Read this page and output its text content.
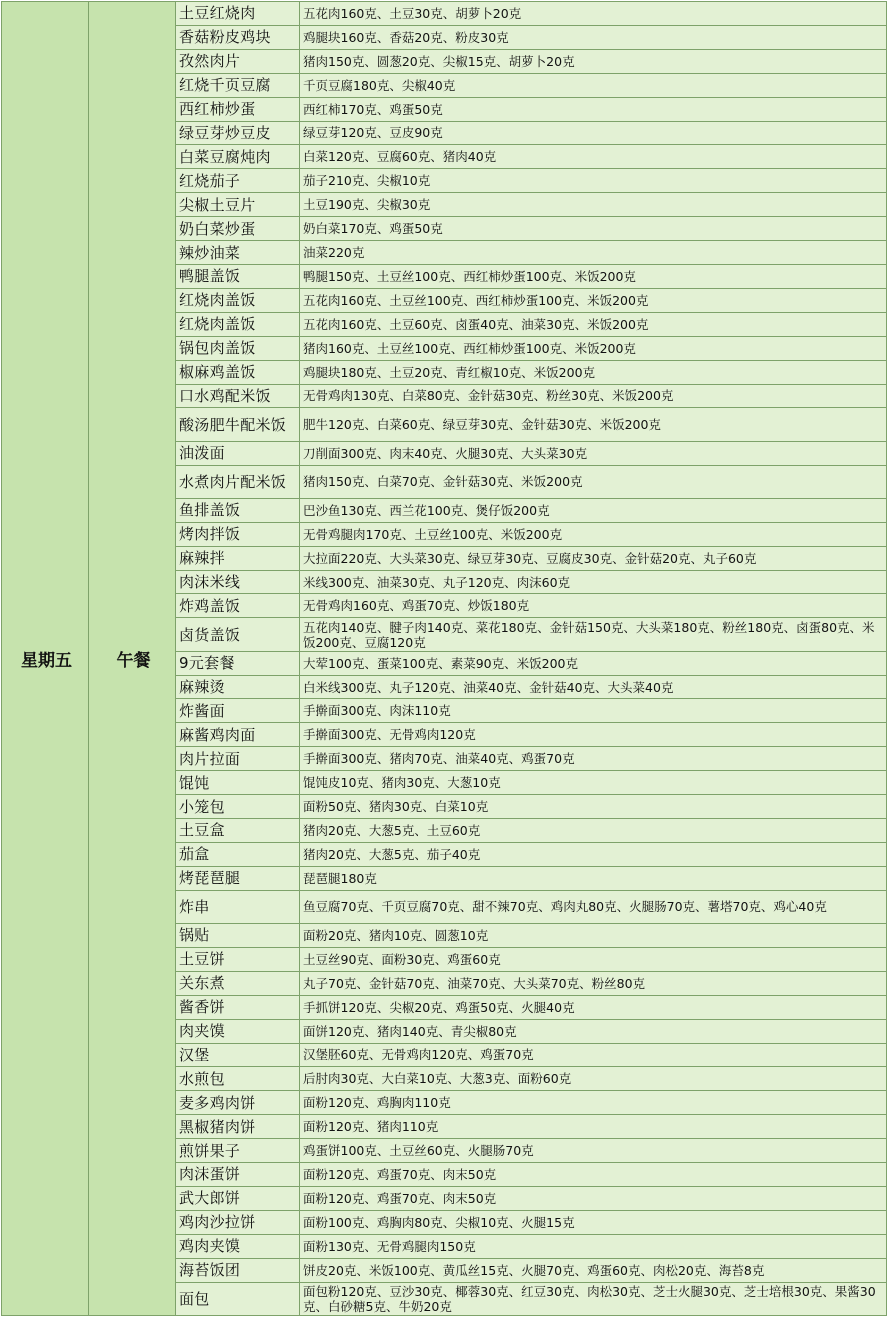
星期五	午餐	土豆红烧肉	五花肉160克、土豆30克、胡萝卜20克
		香菇粉皮鸡块	鸡腿块160克、香菇20克、粉皮30克
		孜然肉片	猪肉150克、圆葱20克、尖椒15克、胡萝卜20克
		红烧千页豆腐	千页豆腐180克、尖椒40克
		西红柿炒蛋	西红柿170克、鸡蛋50克
		绿豆芽炒豆皮	绿豆芽120克、豆皮90克
		白菜豆腐炖肉	白菜120克、豆腐60克、猪肉40克
		红烧茄子	茄子210克、尖椒10克
		尖椒土豆片	土豆190克、尖椒30克
		奶白菜炒蛋	奶白菜170克、鸡蛋50克
		辣炒油菜	油菜220克
		鸭腿盖饭	鸭腿150克、土豆丝100克、西红柿炒蛋100克、米饭200克
		红烧肉盖饭	五花肉160克、土豆丝100克、西红柿炒蛋100克、米饭200克
		红烧肉盖饭	五花肉160克、土豆60克、卤蛋40克、油菜30克、米饭200克
		锅包肉盖饭	猪肉160克、土豆丝100克、西红柿炒蛋100克、米饭200克
		椒麻鸡盖饭	鸡腿块180克、土豆20克、青红椒10克、米饭200克
		口水鸡配米饭	无骨鸡肉130克、白菜80克、金针菇30克、粉丝30克、米饭200克
		酸汤肥牛配米饭	肥牛120克、白菜60克、绿豆芽30克、金针菇30克、米饭200克
		油泼面	刀削面300克、肉末40克、火腿30克、大头菜30克
		水煮肉片配米饭	猪肉150克、白菜70克、金针菇30克、米饭200克
		鱼排盖饭	巴沙鱼130克、西兰花100克、煲仔饭200克
		烤肉拌饭	无骨鸡腿肉170克、土豆丝100克、米饭200克
		麻辣拌	大拉面220克、大头菜30克、绿豆芽30克、豆腐皮30克、金针菇20克、丸子60克
		肉沫米线	米线300克、油菜30克、丸子120克、肉沫60克
		炸鸡盖饭	无骨鸡肉160克、鸡蛋70克、炒饭180克
		卤货盖饭	五花肉140克、腱子肉140克、菜花180克、金针菇150克、大头菜180克、粉丝180克、卤蛋80克、米饭200克、豆腐120克
		9元套餐	大荤100克、蛋菜100克、素菜90克、米饭200克
		麻辣烫	白米线300克、丸子120克、油菜40克、金针菇40克、大头菜40克
		炸酱面	手擀面300克、肉沫110克
		麻酱鸡肉面	手擀面300克、无骨鸡肉120克
		肉片拉面	手擀面300克、猪肉70克、油菜40克、鸡蛋70克
		馄饨	馄饨皮10克、猪肉30克、大葱10克
		小笼包	面粉50克、猪肉30克、白菜10克
		土豆盒	猪肉20克、大葱5克、土豆60克
		茄盒	猪肉20克、大葱5克、茄子40克
		烤琵琶腿	琵琶腿180克
		炸串	鱼豆腐70克、千页豆腐70克、甜不辣70克、鸡肉丸80克、火腿肠70克、薯塔70克、鸡心40克
		锅贴	面粉20克、猪肉10克、圆葱10克
		土豆饼	土豆丝90克、面粉30克、鸡蛋60克
		关东煮	丸子70克、金针菇70克、油菜70克、大头菜70克、粉丝80克
		酱香饼	手抓饼120克、尖椒20克、鸡蛋50克、火腿40克
		肉夹馍	面饼120克、猪肉140克、青尖椒80克
		汉堡	汉堡胚60克、无骨鸡肉120克、鸡蛋70克
		水煎包	后肘肉30克、大白菜10克、大葱3克、面粉60克
		麦多鸡肉饼	面粉120克、鸡胸肉110克
		黑椒猪肉饼	面粉120克、猪肉110克
		煎饼果子	鸡蛋饼100克、土豆丝60克、火腿肠70克
		肉沫蛋饼	面粉120克、鸡蛋70克、肉末50克
		武大郎饼	面粉120克、鸡蛋70克、肉末50克
		鸡肉沙拉饼	面粉100克、鸡胸肉80克、尖椒10克、火腿15克
		鸡肉夹馍	面粉130克、无骨鸡腿肉150克
		海苔饭团	饼皮20克、米饭100克、黄瓜丝15克、火腿70克、鸡蛋60克、肉松20克、海苔8克
		面包	面包粉120克、豆沙30克、椰蓉30克、红豆30克、肉松30克、芝士火腿30克、芝士培根30克、果酱30克、白砂糖5克、牛奶20克
